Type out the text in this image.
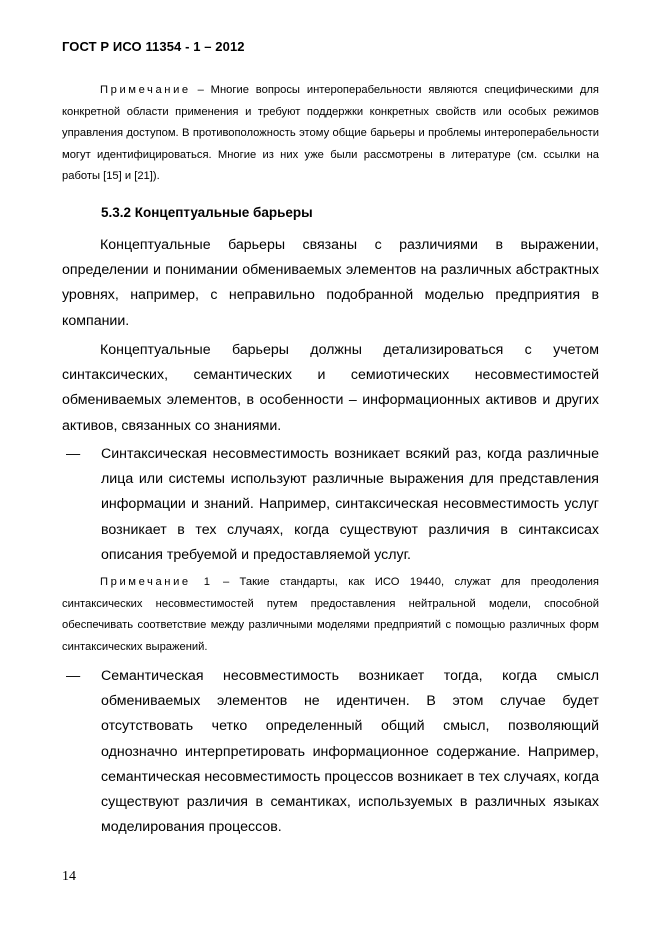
ГОСТ Р ИСО 11354 - 1 – 2012
Примечание – Многие вопросы интероперабельности являются специфическими для конкретной области применения и требуют поддержки конкретных свойств или особых режимов управления доступом. В противоположность этому общие барьеры и проблемы интероперабельности могут идентифицироваться. Многие из них уже были рассмотрены в литературе (см. ссылки на работы [15] и [21]).
5.3.2 Концептуальные барьеры
Концептуальные барьеры связаны с различиями в выражении, определении и понимании обмениваемых элементов на различных абстрактных уровнях, например, с неправильно подобранной моделью предприятия в компании.
Концептуальные барьеры должны детализироваться с учетом синтаксических, семантических и семиотических несовместимостей обмениваемых элементов, в особенности – информационных активов и других активов, связанных со знаниями.
— Синтаксическая несовместимость возникает всякий раз, когда различные лица или системы используют различные выражения для представления информации и знаний. Например, синтаксическая несовместимость услуг возникает в тех случаях, когда существуют различия в синтаксисах описания требуемой и предоставляемой услуг.
Примечание 1 – Такие стандарты, как ИСО 19440, служат для преодоления синтаксических несовместимостей путем предоставления нейтральной модели, способной обеспечивать соответствие между различными моделями предприятий с помощью различных форм синтаксических выражений.
— Семантическая несовместимость возникает тогда, когда смысл обмениваемых элементов не идентичен. В этом случае будет отсутствовать четко определенный общий смысл, позволяющий однозначно интерпретировать информационное содержание. Например, семантическая несовместимость процессов возникает в тех случаях, когда существуют различия в семантиках, используемых в различных языках моделирования процессов.
14
